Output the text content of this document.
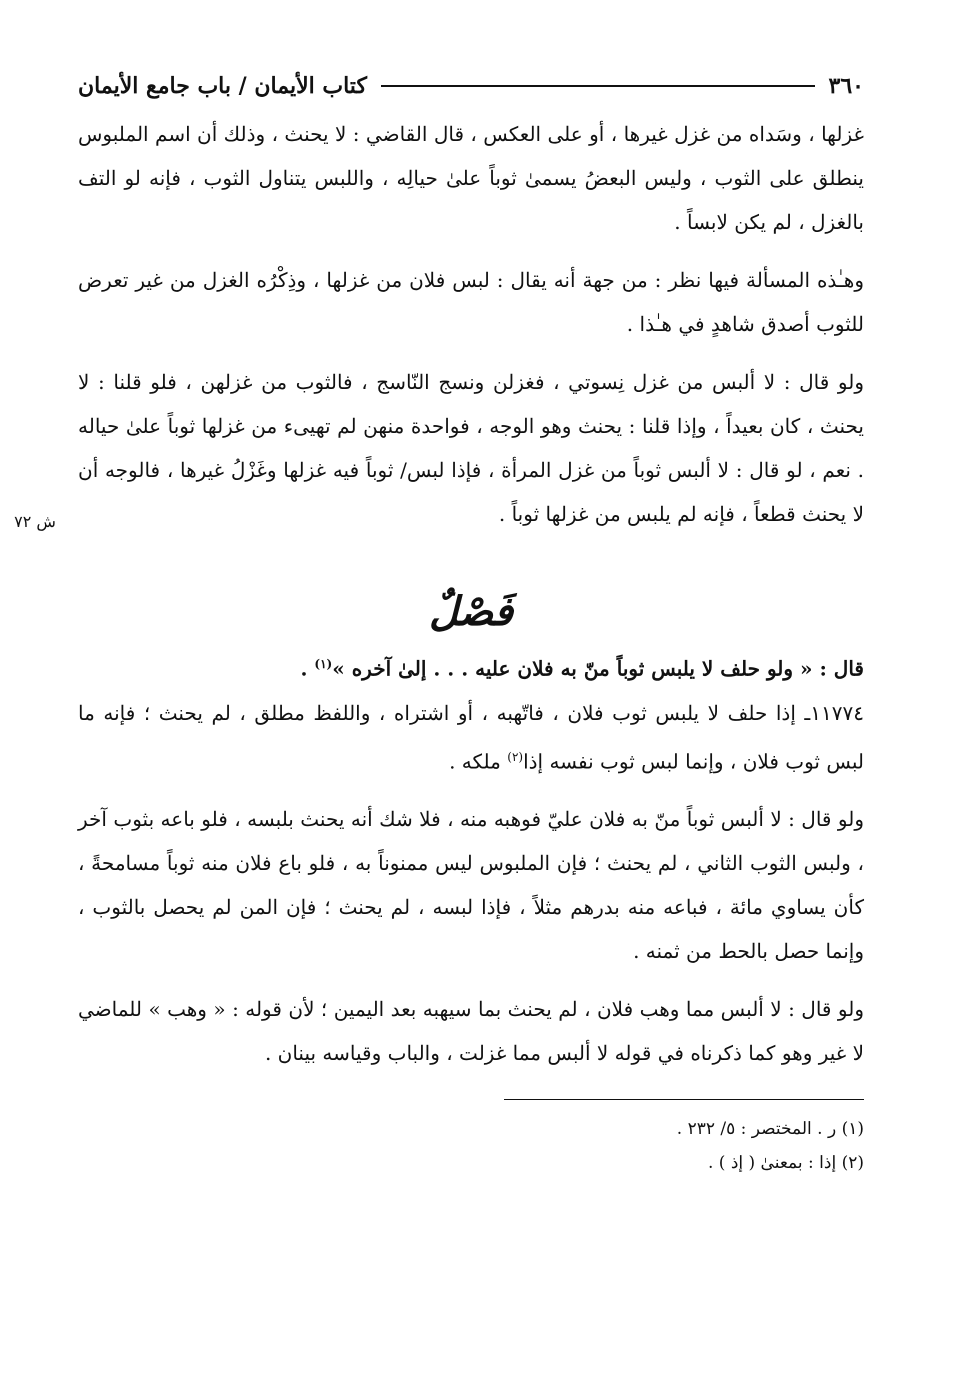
٣٦٠
كتاب الأيمان / باب جامع الأيمان
ش ٧٢

غزلها ، وسَداه من غزل غيرها ، أو على العكس ، قال القاضي : لا يحنث ، وذلك أن اسم الملبوس ينطلق على الثوب ، وليس البعضُ يسمىٰ ثوباً علىٰ حيالِه ، واللبس يتناول الثوب ، فإنه لو التف بالغزل ، لم يكن لابساً .

وهـٰذه المسألة فيها نظر : من جهة أنه يقال : لبس فلان من غزلها ، وذِكْرُه الغزل من غير تعرض للثوب أصدق شاهدٍ في هـٰذا .

ولو قال : لا ألبس من غزل نِسوتي ، فغزلن ونسج النّاسج ، فالثوب من غزلهن ، فلو قلنا : لا يحنث ، كان بعيداً ، وإذا قلنا : يحنث وهو الوجه ، فواحدة منهن لم تهيىء من غزلها ثوباً علىٰ حياله . نعم ، لو قال : لا ألبس ثوباً من غزل المرأة ، فإذا لبس/ ثوباً فيه غزلها وغَزْلُ غيرها ، فالوجه أن لا يحنث قطعاً ، فإنه لم يلبس من غزلها ثوباً .

فَصْلٌ

قال : « ولو حلف لا يلبس ثوباً منّ به فلان عليه . . . إلىٰ آخره »$^{(١)}$ .

١١٧٧٤ـ إذا حلف لا يلبس ثوب فلان ، فاتّهبه ، أو اشتراه ، واللفظ مطلق ، لم يحنث ؛ فإنه ما لبس ثوب فلان ، وإنما لبس ثوب نفسه إذا$^{(٢)}$ ملكه .

ولو قال : لا ألبس ثوباً منّ به فلان عليّ فوهبه منه ، فلا شك أنه يحنث بلبسه ، فلو باعه بثوب آخر ، ولبس الثوب الثاني ، لم يحنث ؛ فإن الملبوس ليس ممنوناً به ، فلو باع فلان منه ثوباً مسامحةً ، كأن يساوي مائة ، فباعه منه بدرهم مثلاً ، فإذا لبسه ، لم يحنث ؛ فإن المن لم يحصل بالثوب ، وإنما حصل بالحط من ثمنه .

ولو قال : لا ألبس مما وهب فلان ، لم يحنث بما سيهبه بعد اليمين ؛ لأن قوله : « وهب » للماضي لا غير وهو كما ذكرناه في قوله لا ألبس مما غزلت ، والباب وقياسه بينان .

(١) ر . المختصر : ٥/ ٢٣٢ .

(٢) إذا : بمعنىٰ ( إذ ) .
